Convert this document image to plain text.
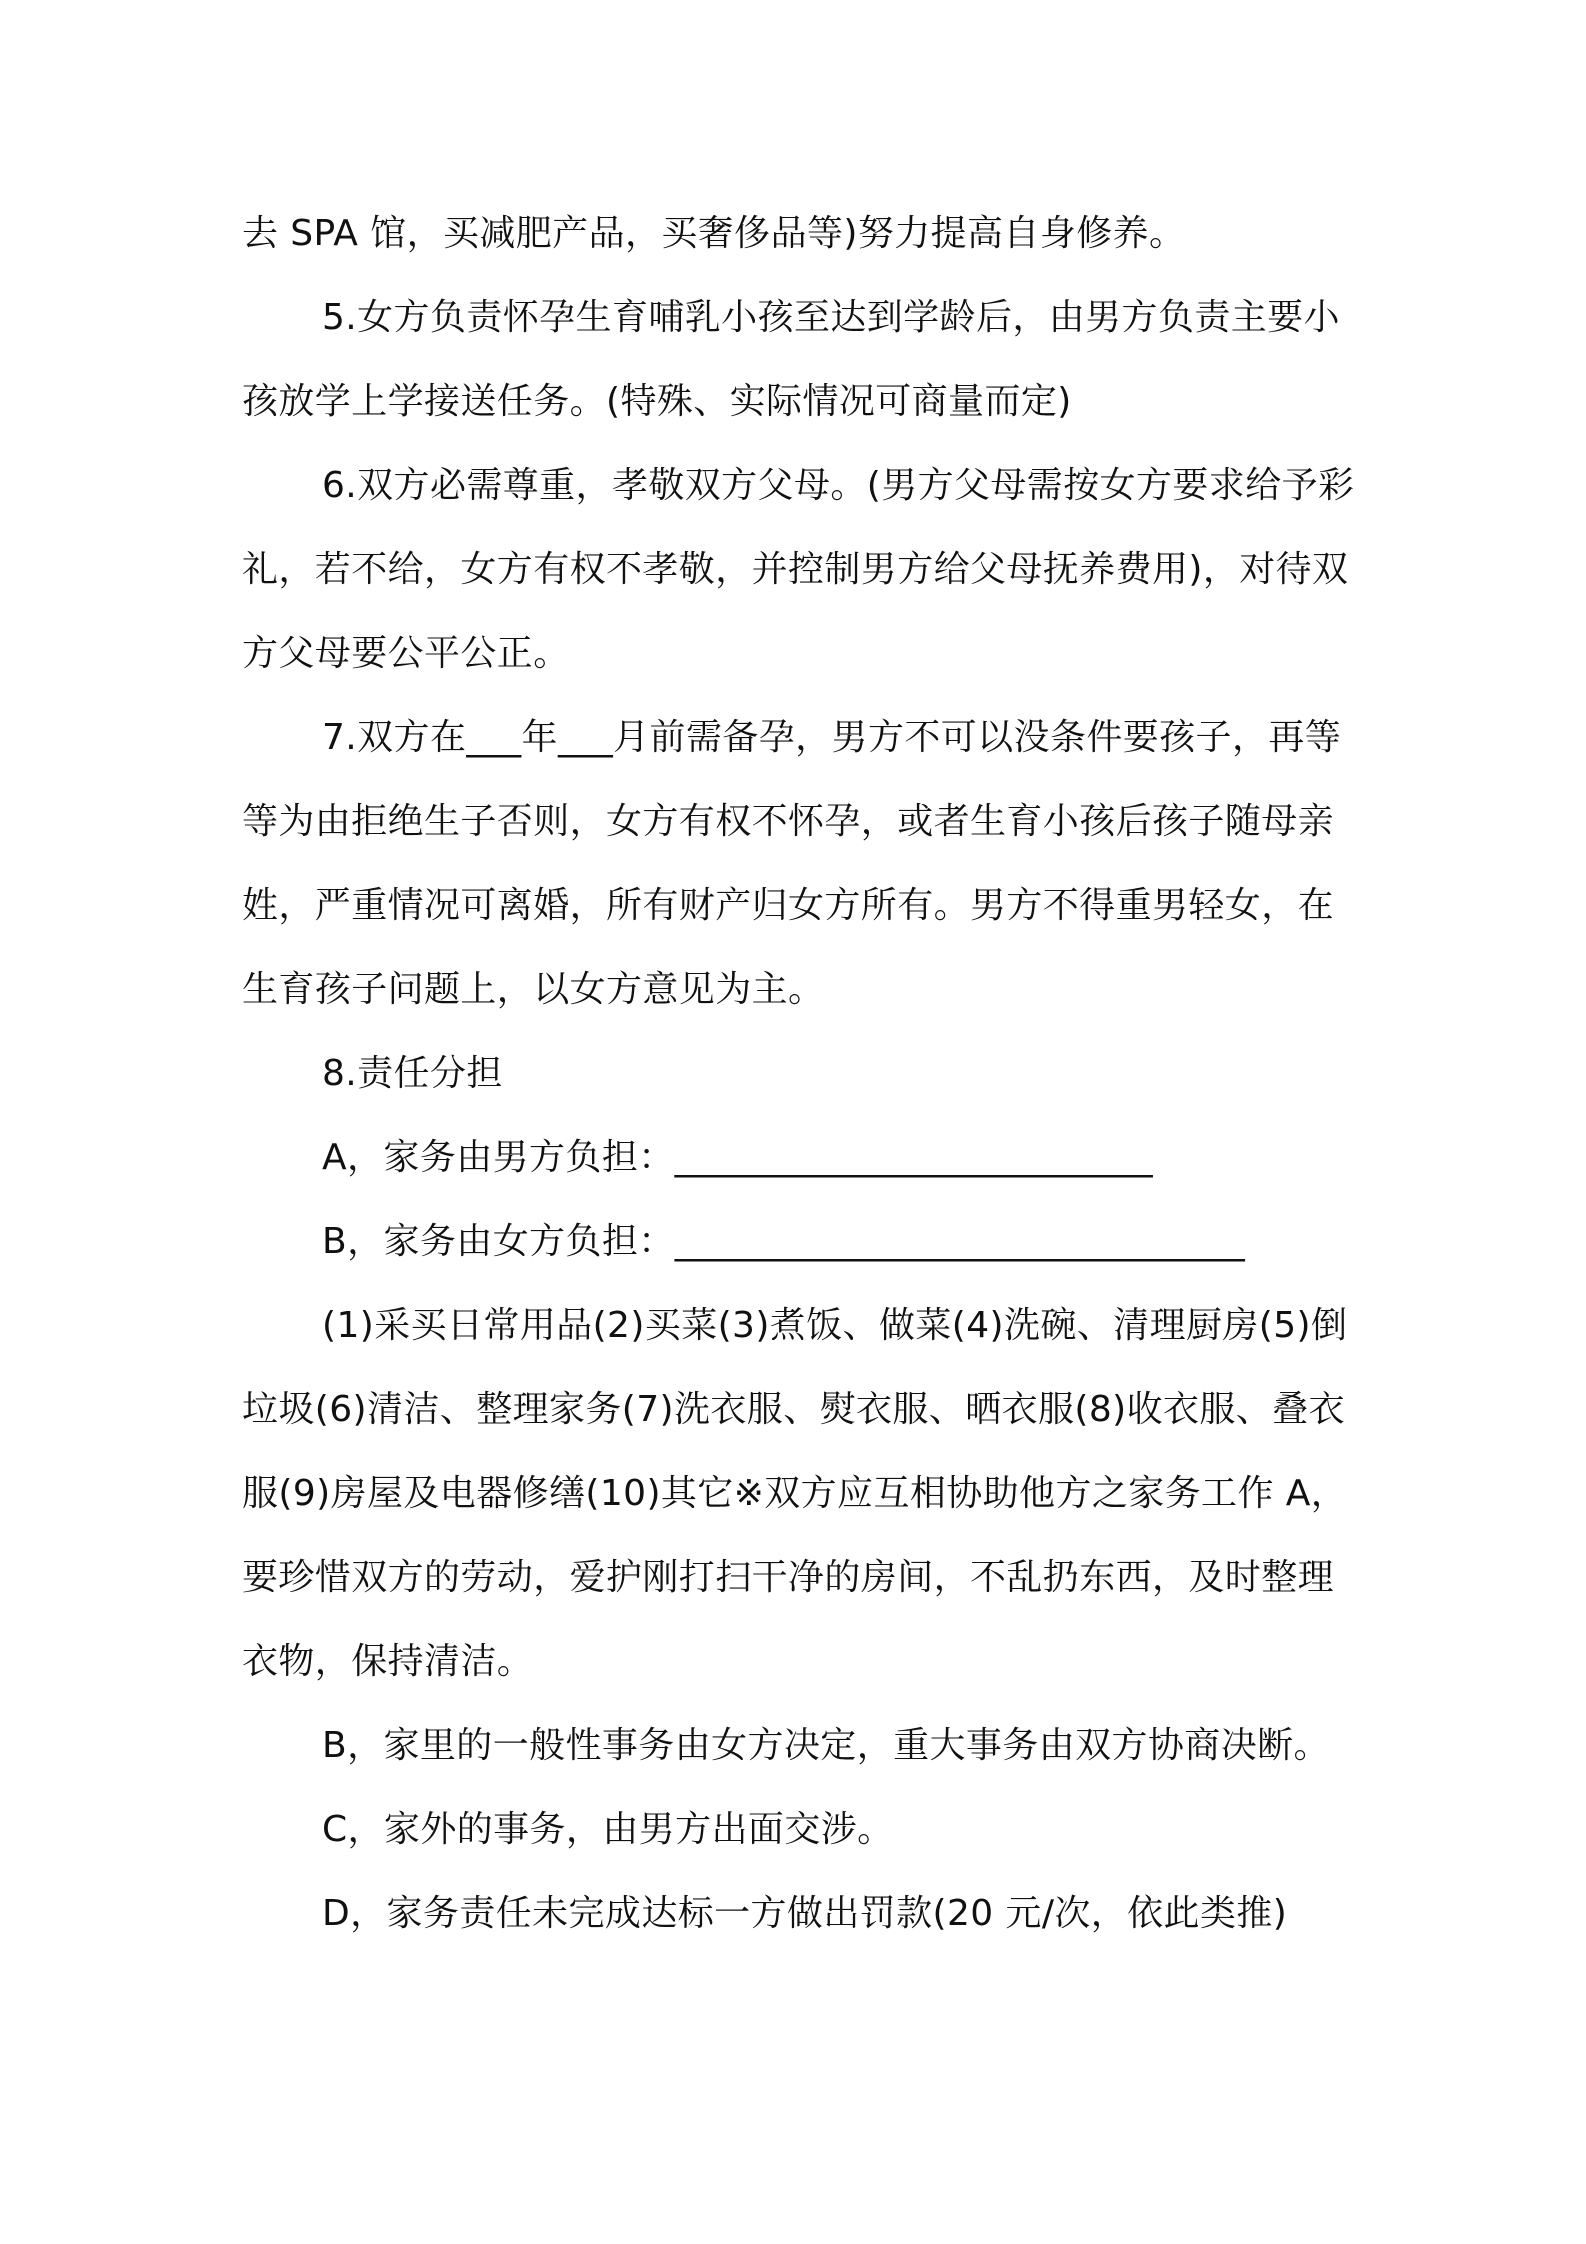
去 SPA 馆，买减肥产品，买奢侈品等)努力提高自身修养。

5.女方负责怀孕生育哺乳小孩至达到学龄后，由男方负责主要小孩放学上学接送任务。(特殊、实际情况可商量而定)

6.双方必需尊重，孝敬双方父母。(男方父母需按女方要求给予彩礼，若不给，女方有权不孝敬，并控制男方给父母抚养费用)，对待双方父母要公平公正。

7.双方在___年___月前需备孕，男方不可以没条件要孩子，再等等为由拒绝生子否则，女方有权不怀孕，或者生育小孩后孩子随母亲姓，严重情况可离婚，所有财产归女方所有。男方不得重男轻女，在生育孩子问题上，以女方意见为主。

8.责任分担

A，家务由男方负担：__________________________

B，家务由女方负担：_______________________________

(1)采买日常用品(2)买菜(3)煮饭、做菜(4)洗碗、清理厨房(5)倒垃圾(6)清洁、整理家务(7)洗衣服、熨衣服、晒衣服(8)收衣服、叠衣服(9)房屋及电器修缮(10)其它※双方应互相协助他方之家务工作 A，要珍惜双方的劳动，爱护刚打扫干净的房间，不乱扔东西，及时整理衣物，保持清洁。

B，家里的一般性事务由女方决定，重大事务由双方协商决断。

C，家外的事务，由男方出面交涉。

D，家务责任未完成达标一方做出罚款(20 元/次，依此类推)
